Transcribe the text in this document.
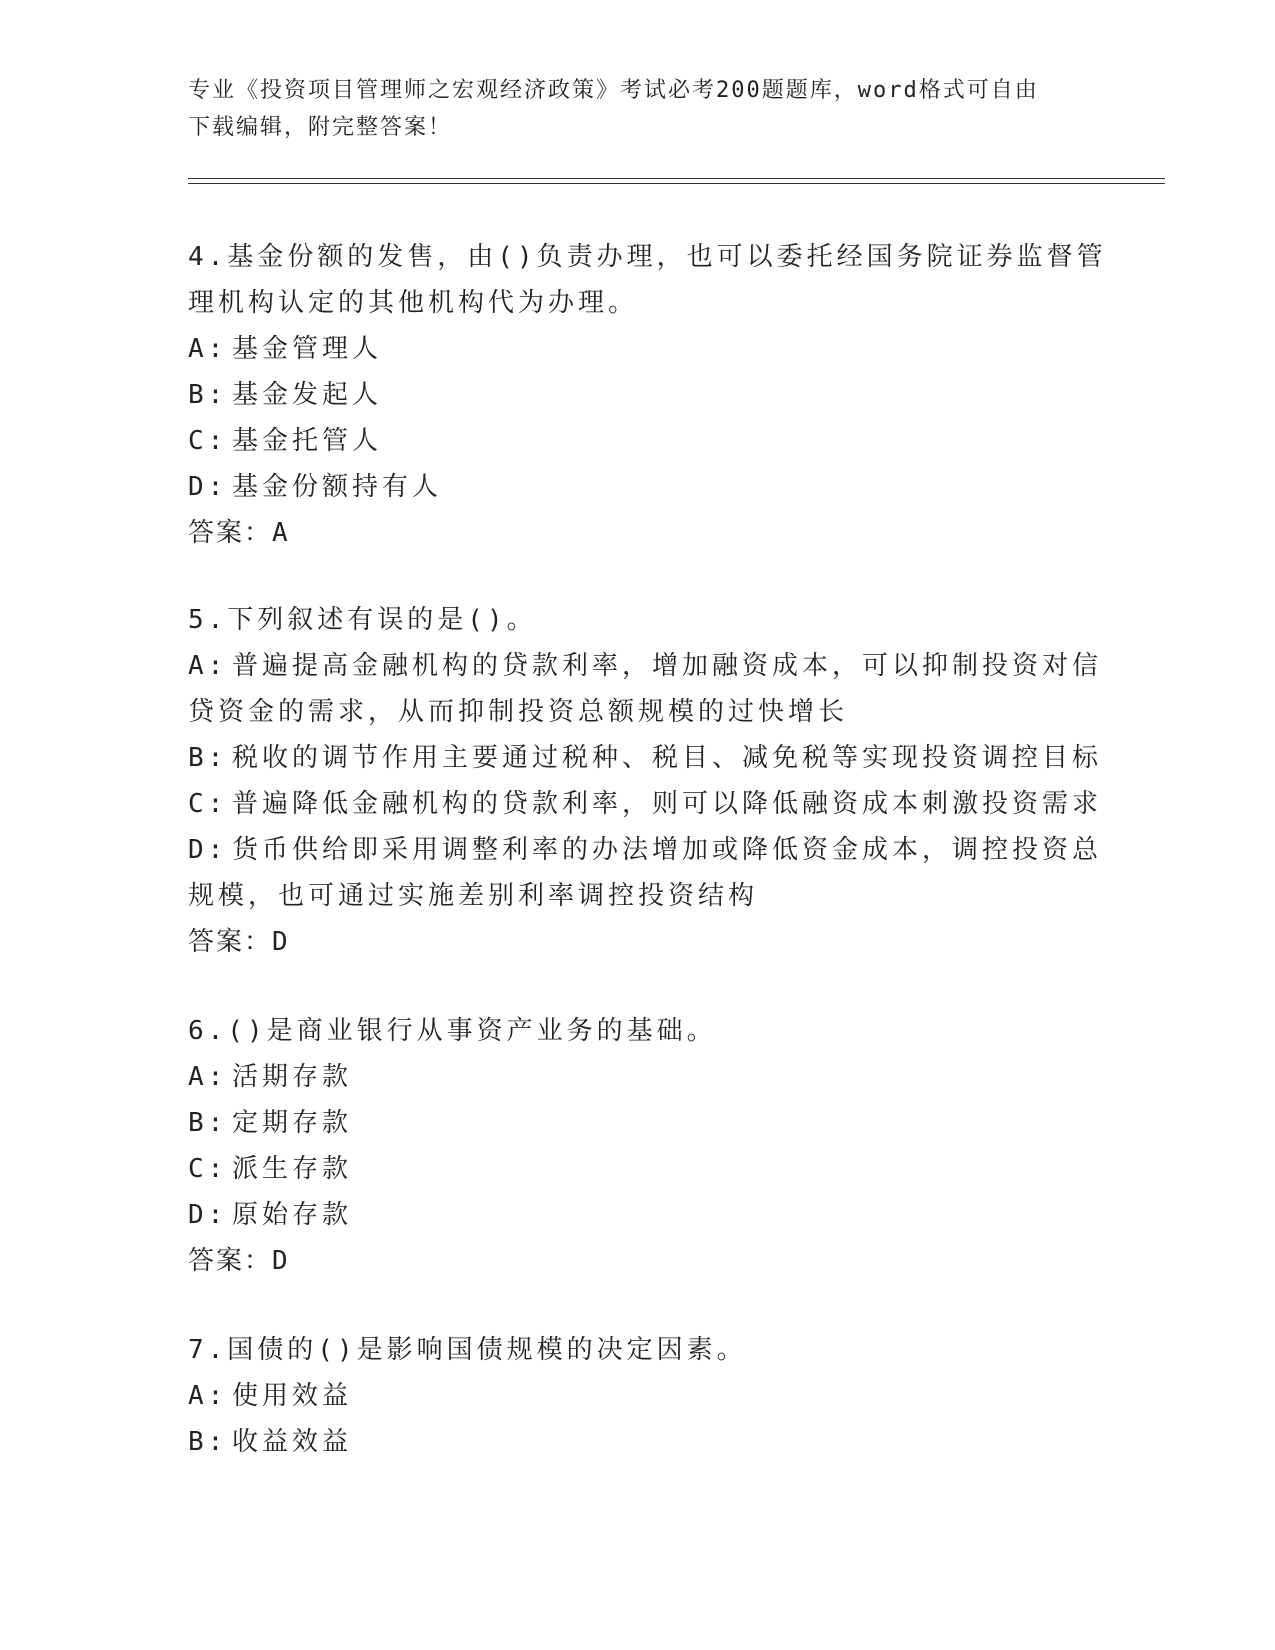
专业《投资项目管理师之宏观经济政策》考试必考200题题库，word格式可自由
下载编辑，附完整答案！
4.基金份额的发售，由()负责办理，也可以委托经国务院证券监督管
理机构认定的其他机构代为办理。
A: 基金管理人
B: 基金发起人
C: 基金托管人
D: 基金份额持有人
答案：A
5.下列叙述有误的是()。
A: 普遍提高金融机构的贷款利率，增加融资成本，可以抑制投资对信
贷资金的需求，从而抑制投资总额规模的过快增长
B: 税收的调节作用主要通过税种、税目、减免税等实现投资调控目标
C: 普遍降低金融机构的贷款利率，则可以降低融资成本刺激投资需求
D: 货币供给即采用调整利率的办法增加或降低资金成本，调控投资总
规模，也可通过实施差别利率调控投资结构
答案：D
6.()是商业银行从事资产业务的基础。
A: 活期存款
B: 定期存款
C: 派生存款
D: 原始存款
答案：D
7.国债的()是影响国债规模的决定因素。
A: 使用效益
B: 收益效益
